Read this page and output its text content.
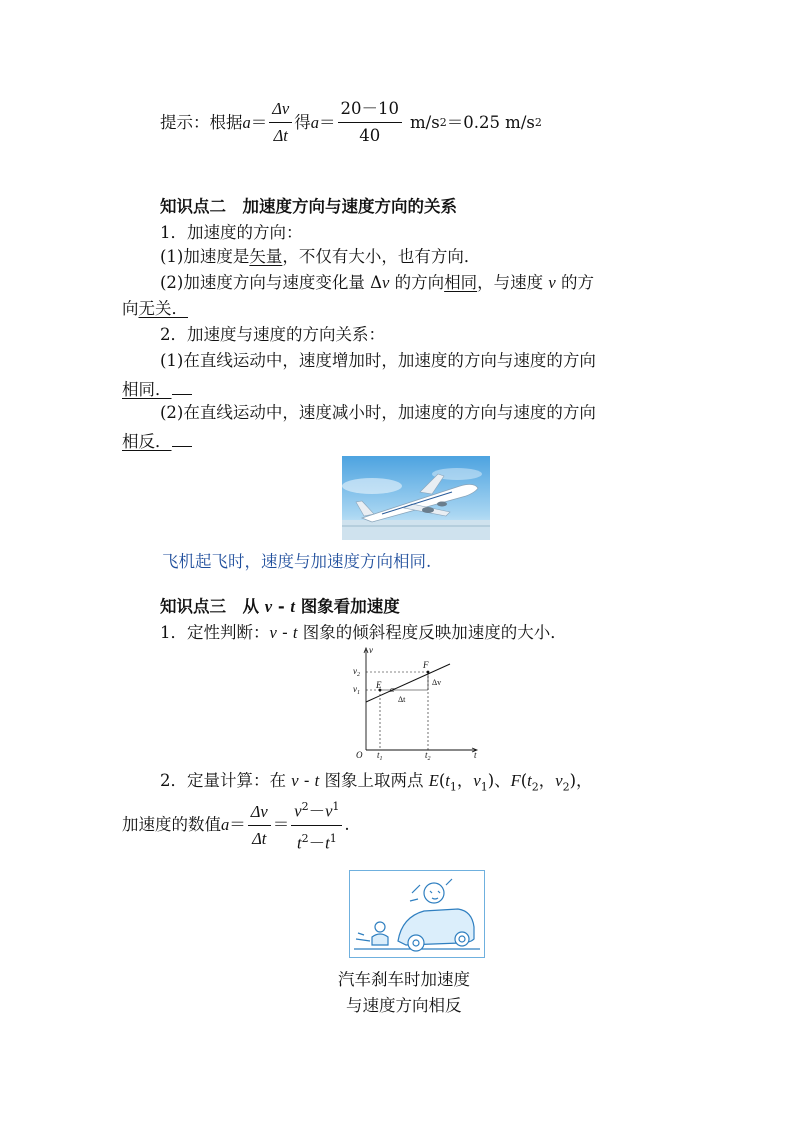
提示：根据 $a = \frac{\Delta v}{\Delta t}$ 得 $a = \frac{20-10}{40} m/s$ 2 ＝0.25 m/s 2
知识点二　加速度方向与速度方向的关系
1．加速度的方向：
(1)加速度是矢量，不仅有大小，也有方向．
(2)加速度方向与速度变化量 Δv 的方向相同，与速度 v 的方
向无关．
2．加速度与速度的方向关系：
(1)在直线运动中，速度增加时，加速度的方向与速度的方向
相同．
(2)在直线运动中，速度减小时，加速度的方向与速度的方向
相反．
飞机起飞时，速度与加速度方向相同.
知识点三　从 v - t 图象看加速度
1．定性判断：v - t 图象的倾斜程度反映加速度的大小．
v
t
O
$v_2$
$v_1$
$t_1$	$t_2$
E
F
α
Δv
Δt
2．定量计算：在 v - t 图象上取两点 $E(t_1$，$v_1$)、$F(t_2$，$v_2$)，
加速度的数值 $a = \frac{\Delta v}{\Delta t} = \frac{v^2-v^1}{t^2-t^1}$ .
汽车刹车时加速度
与速度方向相反
